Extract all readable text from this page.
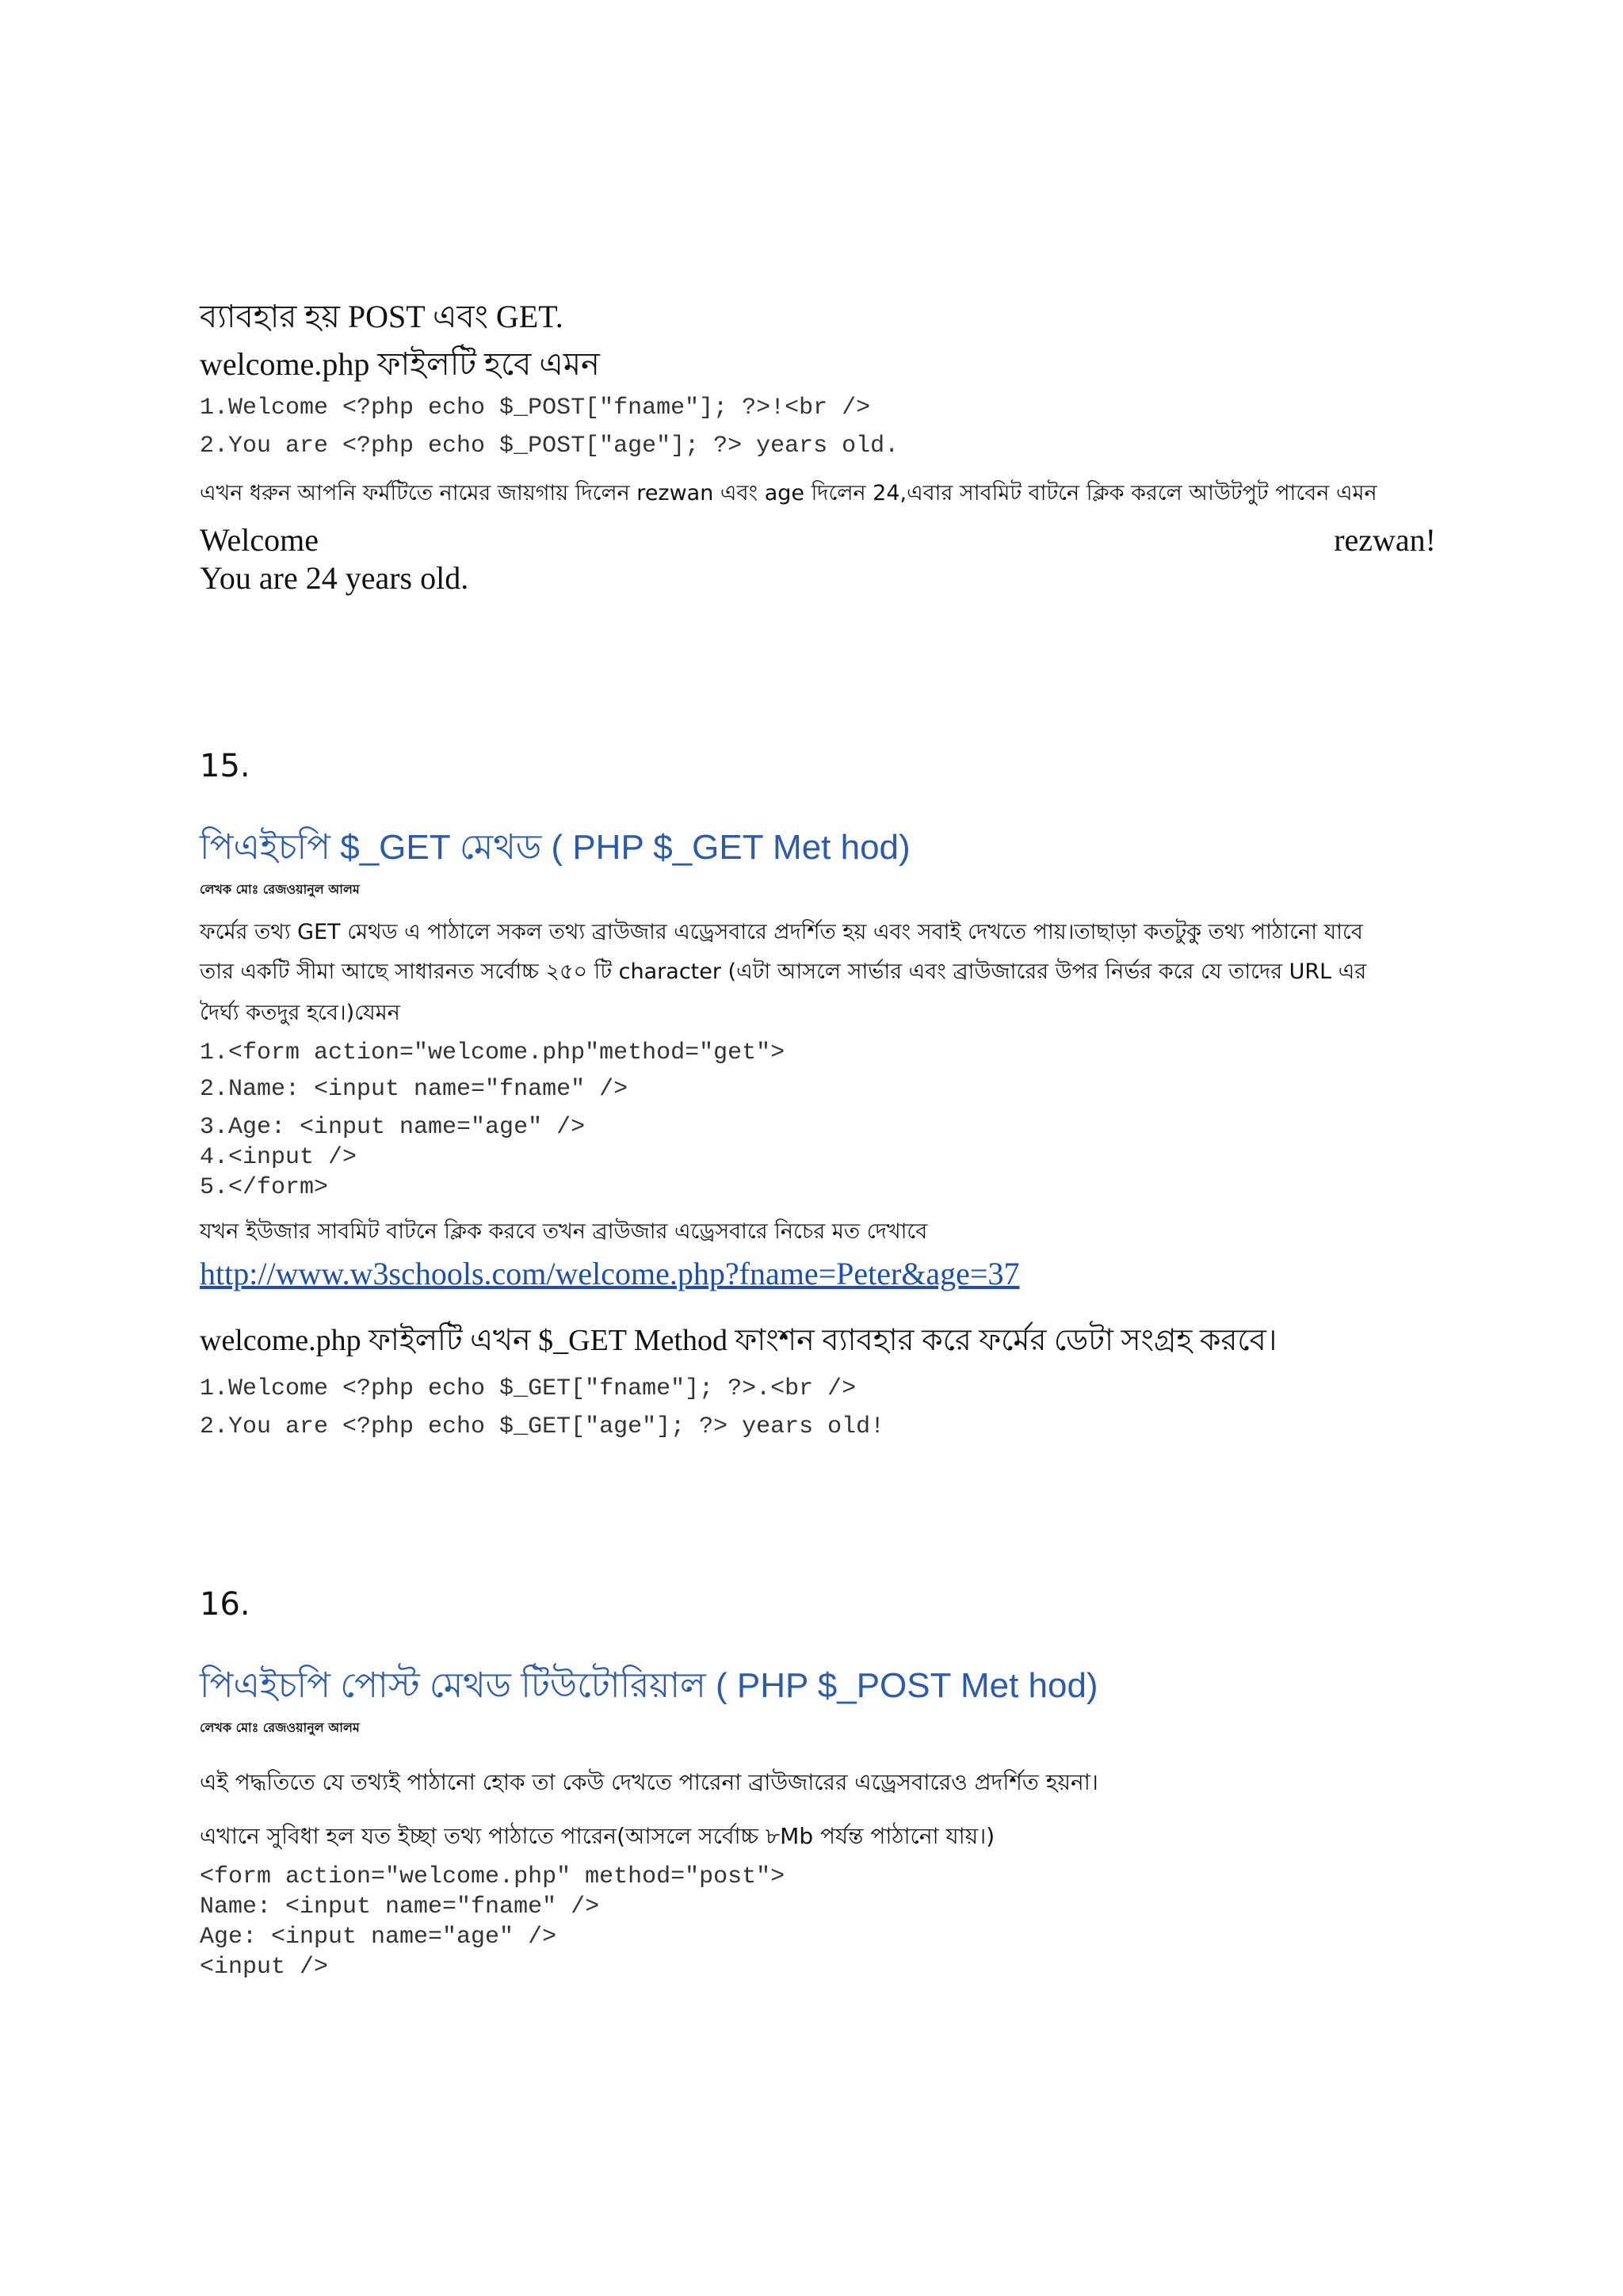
ব্যাবহার হয় POST এবং GET.
welcome.php ফাইলটি হবে এমন
1.Welcome <?php echo $_POST["fname"]; ?>!<br />
2.You are <?php echo $_POST["age"]; ?> years old.
এখন ধরুন আপনি ফর্মটিতে নামের জায়গায় দিলেন rezwan এবং age দিলেন 24,এবার সাবমিট বাটনে ক্লিক করলে আউটপুট পাবেন এমন
Welcome	rezwan!
You are 24 years old.
15.
পিএইচপি $_GET মেথড ( PHP $_GET Met hod)
লেখক মোঃ রেজওয়ানুল আলম
ফর্মের তথ্য GET মেথড এ পাঠালে সকল তথ্য ব্রাউজার এড্রেসবারে প্রদর্শিত হয় এবং সবাই দেখতে পায়।তাছাড়া কতটুকু তথ্য পাঠানো যাবে
তার একটি সীমা আছে সাধারনত সর্বোচ্চ ২৫০ টি character (এটা আসলে সার্ভার এবং ব্রাউজারের উপর নির্ভর করে যে তাদের URL এর
দৈর্ঘ্য কতদুর হবে।)যেমন
1.<form action="welcome.php"method="get">
2.Name: <input name="fname" />
3.Age: <input name="age" />
4.<input />
5.</form>
যখন ইউজার সাবমিট বাটনে ক্লিক করবে তখন ব্রাউজার এড্রেসবারে নিচের মত দেখাবে
http://www.w3schools.com/welcome.php?fname=Peter&age=37
welcome.php ফাইলটি এখন $_GET Method ফাংশন ব্যাবহার করে ফর্মের ডেটা সংগ্রহ করবে।
1.Welcome <?php echo $_GET["fname"]; ?>.<br />
2.You are <?php echo $_GET["age"]; ?> years old!
16.
পিএইচপি পোস্ট মেথড টিউটোরিয়াল ( PHP $_POST Met hod)
লেখক মোঃ রেজওয়ানুল আলম
এই পদ্ধতিতে যে তথ্যই পাঠানো হোক তা কেউ দেখতে পারেনা ব্রাউজারের এড্রেসবারেও প্রদর্শিত হয়না।
এখানে সুবিধা হল যত ইচ্ছা তথ্য পাঠাতে পারেন(আসলে সর্বোচ্চ ৮Mb পর্যন্ত পাঠানো যায়।)
<form action="welcome.php" method="post">
Name: <input name="fname" />
Age: <input name="age" />
<input />
